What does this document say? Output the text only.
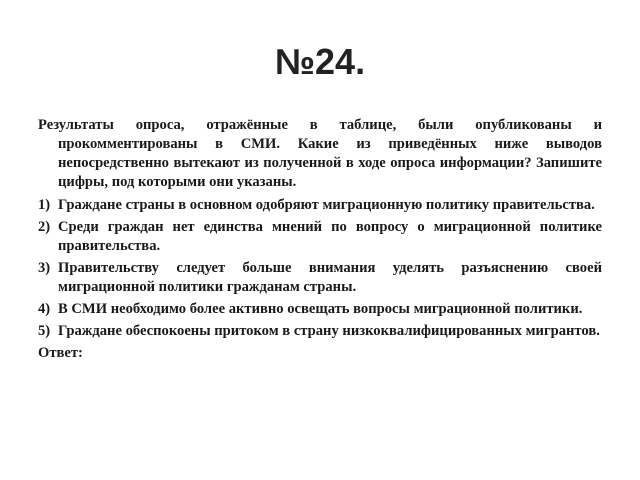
№24.

Результаты опроса, отражённые в таблице, были опубликованы и прокомментированы в СМИ. Какие из приведённых ниже выводов непосредственно вытекают из полученной в ходе опроса информации? Запишите цифры, под которыми они указаны.

1) Граждане страны в основном одобряют миграционную политику правительства.
2) Среди граждан нет единства мнений по вопросу о миграционной политике правительства.
3) Правительству следует больше внимания уделять разъяснению своей миграционной политики гражданам страны.
4) В СМИ необходимо более активно освещать вопросы миграционной политики.
5) Граждане обеспокоены притоком в страну низкоквалифицированных мигрантов.
Ответ:
